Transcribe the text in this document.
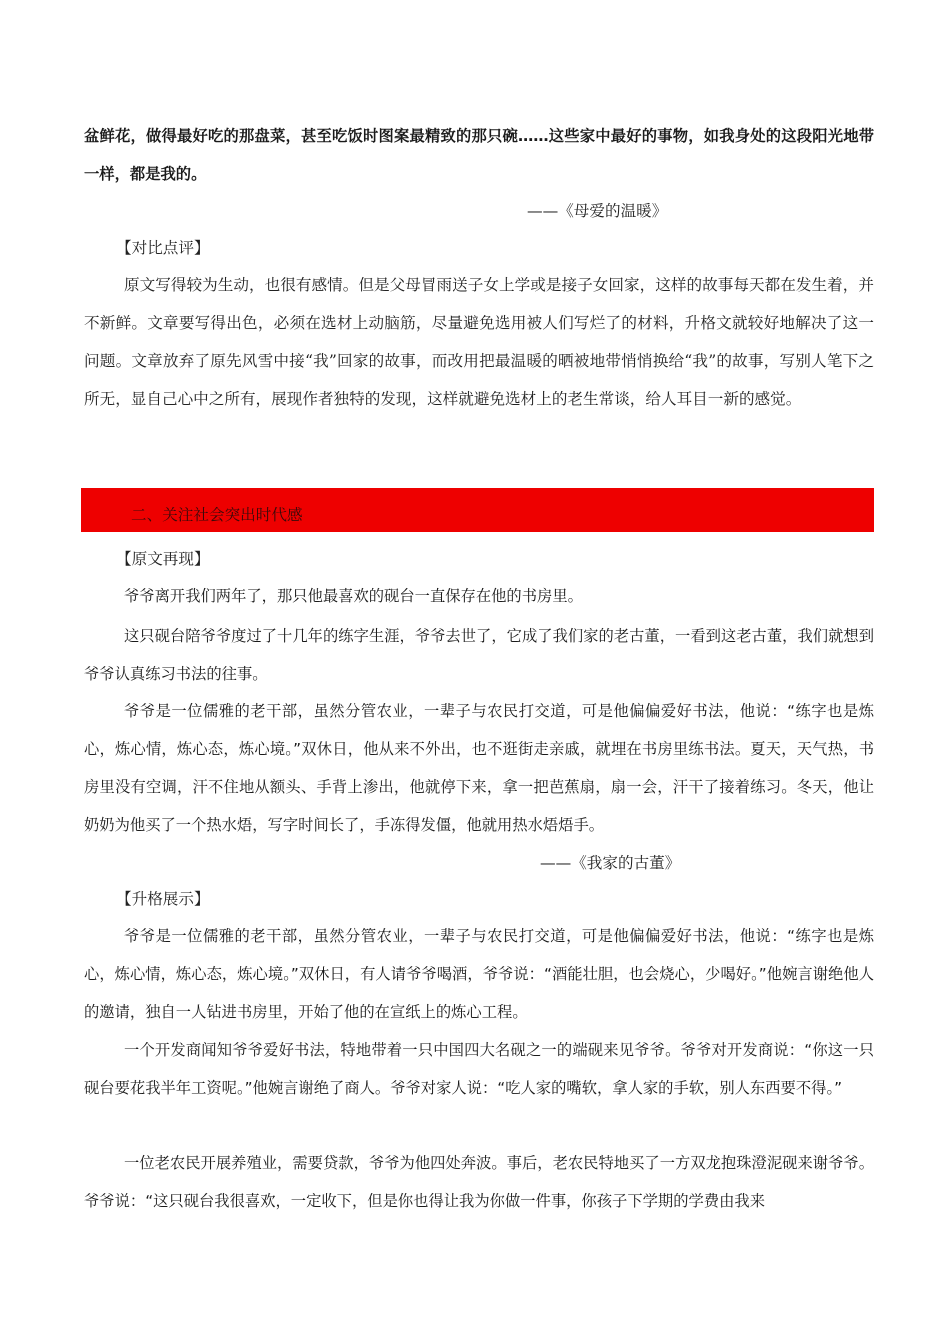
盆鲜花，做得最好吃的那盘菜，甚至吃饭时图案最精致的那只碗……这些家中最好的事物，如我身处的这段阳光地带一样，都是我的。

——《母爱的温暖》

【对比点评】

原文写得较为生动，也很有感情。但是父母冒雨送子女上学或是接子女回家，这样的故事每天都在发生着，并不新鲜。文章要写得出色，必须在选材上动脑筋，尽量避免选用被人们写烂了的材料，升格文就较好地解决了这一问题。文章放弃了原先风雪中接“我”回家的故事，而改用把最温暖的晒被地带悄悄换给“我”的故事，写别人笔下之所无，显自己心中之所有，展现作者独特的发现，这样就避免选材上的老生常谈，给人耳目一新的感觉。

二、关注社会突出时代感

【原文再现】

爷爷离开我们两年了，那只他最喜欢的砚台一直保存在他的书房里。

这只砚台陪爷爷度过了十几年的练字生涯，爷爷去世了，它成了我们家的老古董，一看到这老古董，我们就想到爷爷认真练习书法的往事。

爷爷是一位儒雅的老干部，虽然分管农业，一辈子与农民打交道，可是他偏偏爱好书法，他说：“练字也是炼心，炼心情，炼心态，炼心境。”双休日，他从来不外出，也不逛街走亲戚，就埋在书房里练书法。夏天，天气热，书房里没有空调，汗不住地从额头、手背上渗出，他就停下来，拿一把芭蕉扇，扇一会，汗干了接着练习。冬天，他让奶奶为他买了一个热水焐，写字时间长了，手冻得发僵，他就用热水焐焐手。

——《我家的古董》

【升格展示】

爷爷是一位儒雅的老干部，虽然分管农业，一辈子与农民打交道，可是他偏偏爱好书法，他说：“练字也是炼心，炼心情，炼心态，炼心境。”双休日，有人请爷爷喝酒，爷爷说：“酒能壮胆，也会烧心，少喝好。”他婉言谢绝他人的邀请，独自一人钻进书房里，开始了他的在宣纸上的炼心工程。

一个开发商闻知爷爷爱好书法，特地带着一只中国四大名砚之一的端砚来见爷爷。爷爷对开发商说：“你这一只砚台要花我半年工资呢。”他婉言谢绝了商人。爷爷对家人说：“吃人家的嘴软，拿人家的手软，别人东西要不得。”

一位老农民开展养殖业，需要贷款，爷爷为他四处奔波。事后，老农民特地买了一方双龙抱珠澄泥砚来谢爷爷。爷爷说：“这只砚台我很喜欢，一定收下，但是你也得让我为你做一件事，你孩子下学期的学费由我来
